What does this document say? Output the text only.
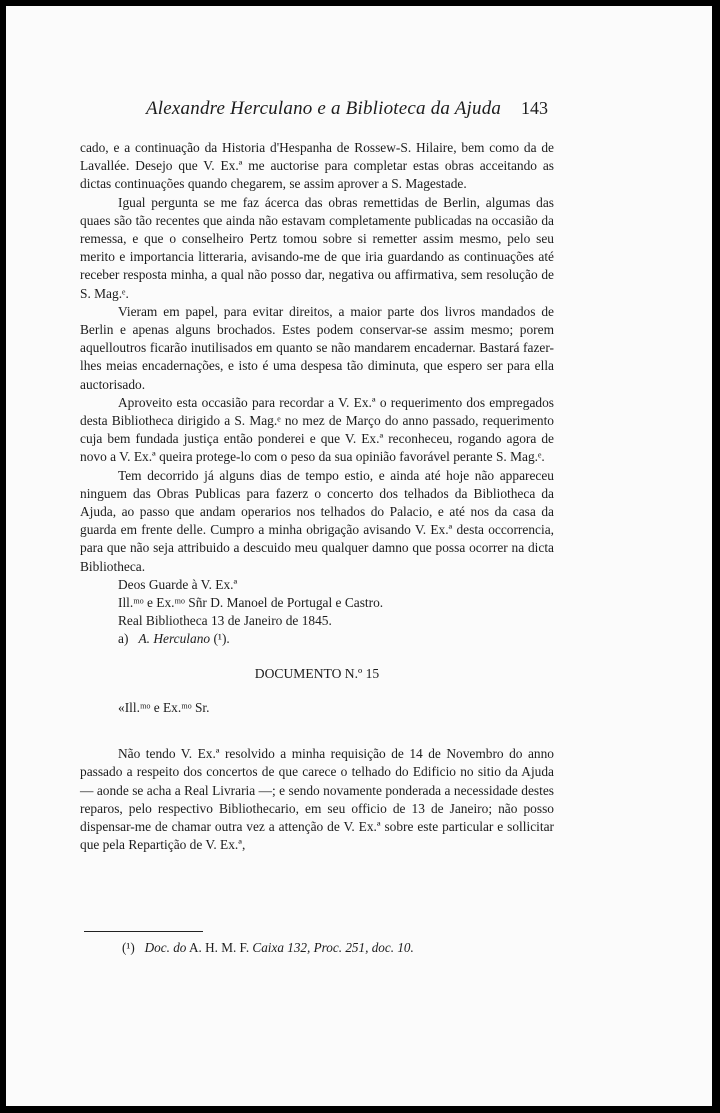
Alexandre Herculano e a Biblioteca da Ajuda 143

cado, e a continuação da Historia d'Hespanha de Rossew-S. Hilaire, bem como da de Lavallée. Desejo que V. Ex.ª me auctorise para completar estas obras acceitando as dictas continuações quando chegarem, se assim aprover a S. Magestade.

Igual pergunta se me faz ácerca das obras remettidas de Berlin, algumas das quaes são tão recentes que ainda não estavam completamente publicadas na occasião da remessa, e que o conselheiro Pertz tomou sobre si remetter assim mesmo, pelo seu merito e importancia litteraria, avisando-me de que iria guardando as continuações até receber resposta minha, a qual não posso dar, negativa ou affirmativa, sem resolução de S. Mag.ᵉ.

Vieram em papel, para evitar direitos, a maior parte dos livros mandados de Berlin e apenas alguns brochados. Estes podem conservar-se assim mesmo; porem aquelloutros ficarão inutilisados em quanto se não mandarem encadernar. Bastará fazer-lhes meias encadernações, e isto é uma despesa tão diminuta, que espero ser para ella auctorisado.

Aproveito esta occasião para recordar a V. Ex.ª o requerimento dos empregados desta Bibliotheca dirigido a S. Mag.ᵉ no mez de Março do anno passado, requerimento cuja bem fundada justiça então ponderei e que V. Ex.ª reconheceu, rogando agora de novo a V. Ex.ª queira protege-lo com o peso da sua opinião favorável perante S. Mag.ᵉ.

Tem decorrido já alguns dias de tempo estio, e ainda até hoje não appareceu ninguem das Obras Publicas para fazerz o concerto dos telhados da Bibliotheca da Ajuda, ao passo que andam operarios nos telhados do Palacio, e até nos da casa da guarda em frente delle. Cumpro a minha obrigação avisando V. Ex.ª desta occorrencia, para que não seja attribuido a descuido meu qualquer damno que possa ocorrer na dicta Bibliotheca.

Deos Guarde à V. Ex.ª

Ill.ᵐᵒ e Ex.ᵐᵒ Sñr D. Manoel de Portugal e Castro.

Real Bibliotheca 13 de Janeiro de 1845.

a) A. Herculano (¹).

DOCUMENTO N.º 15

«Ill.ᵐᵒ e Ex.ᵐᵒ Sr.

Não tendo V. Ex.ª resolvido a minha requisição de 14 de Novembro do anno passado a respeito dos concertos de que carece o telhado do Edificio no sitio da Ajuda — aonde se acha a Real Livraria —; e sendo novamente ponderada a necessidade destes reparos, pelo respectivo Bibliothecario, em seu officio de 13 de Janeiro; não posso dispensar-me de chamar outra vez a attenção de V. Ex.ª sobre este particular e sollicitar que pela Repartição de V. Ex.ª,

(¹) Doc. do A. H. M. F. Caixa 132, Proc. 251, doc. 10.
